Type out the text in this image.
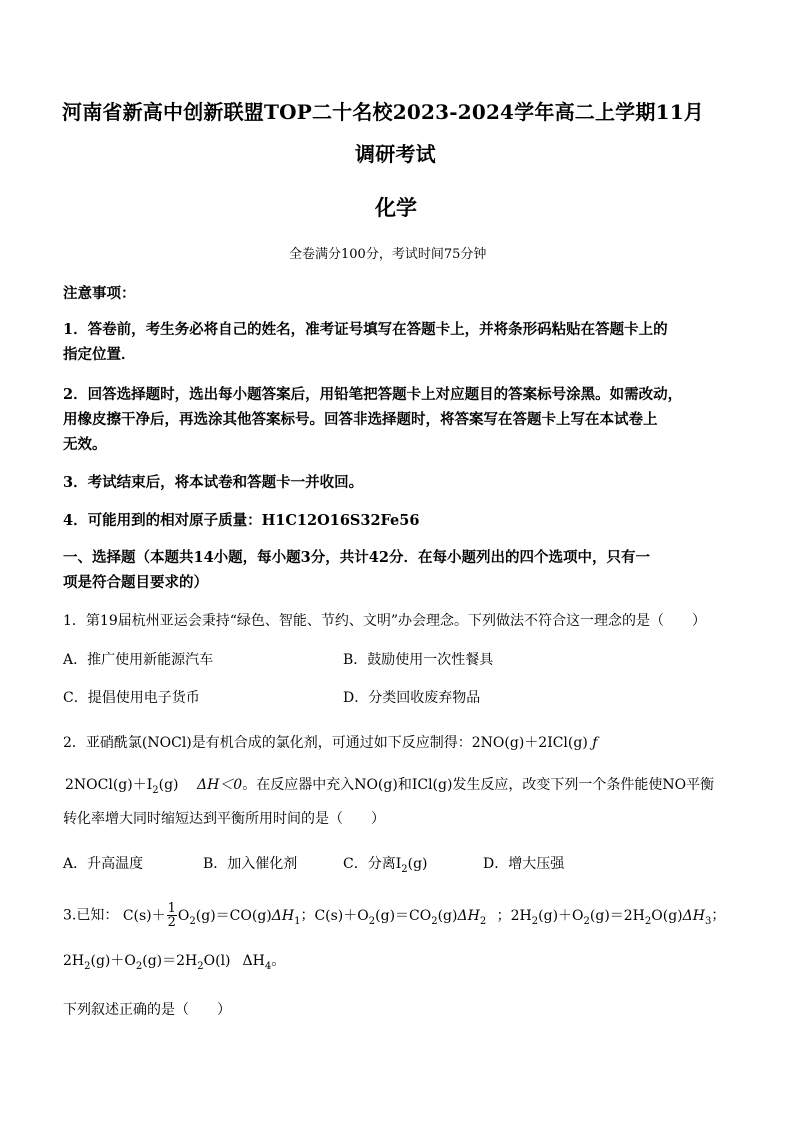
河南省新高中创新联盟TOP二十名校2023-2024学年高二上学期11月
调研考试
化学
全卷满分100分，考试时间75分钟
注意事项：
1．答卷前，考生务必将自己的姓名，准考证号填写在答题卡上，并将条形码粘贴在答题卡上的
指定位置．
2．回答选择题时，选出每小题答案后，用铅笔把答题卡上对应题目的答案标号涂黑。如需改动，
用橡皮擦干净后，再选涂其他答案标号。回答非选择题时，将答案写在答题卡上写在本试卷上
无效。
3．考试结束后，将本试卷和答题卡一并收回。
4．可能用到的相对原子质量：H1C12O16S32Fe56
一、选择题（本题共14小题，每小题3分，共计42分．在每小题列出的四个选项中，只有一
项是符合题目要求的）
1．第19届杭州亚运会秉持“绿色、智能、节约、文明”办会理念。下列做法不符合这一理念的是（　　）
A．推广使用新能源汽车	B．鼓励使用一次性餐具
C．提倡使用电子货币	D．分类回收废弃物品
2．亚硝酰氯(NOCl)是有机合成的氯化剂，可通过如下反应制得：2NO(g)＋2ICl(g) ƒ
$2NOCl(g)+I_2(g)$ ΔH＜0。在反应器中充入NO(g)和ICl(g)发生反应，改变下列一个条件能使NO平衡
转化率增大同时缩短达到平衡所用时间的是（　　）
A．升高温度	B．加入催化剂	C．分离$I_2(g)$	D．增大压强
3.已知： $C(s)+ \frac{1}{2} O_2(g)=CO(g)\Delta H_1$；$C(s)+O_2(g)=CO_2(g)\Delta H_2$ ；$2H_2(g)+O_2(g)=2H_2O(g)\Delta H_3$；
$2H_2(g)+O_2(g)=2H_2O(l)$ $\Delta H_4$。
下列叙述正确的是（　　）
